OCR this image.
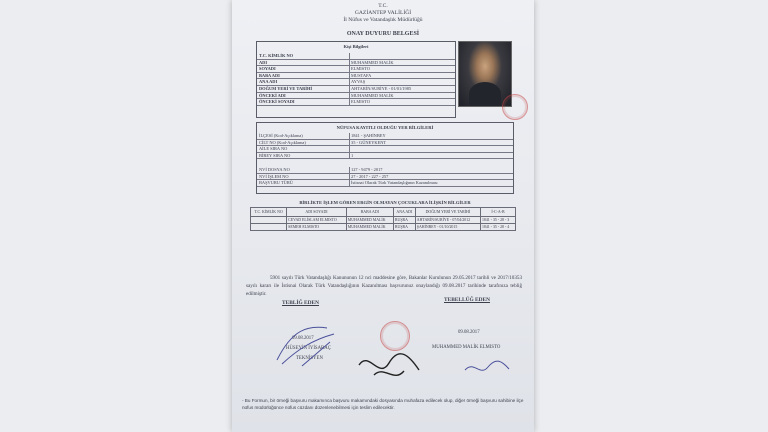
T.C.
GAZİANTEP VALİLİĞİ
İl Nüfus ve Vatandaşlık Müdürlüğü
ONAY DUYURU BELGESİ
Kişi Bilgileri
T.C. KİMLİK NO
ADI	MUHAMMED MALİK
SOYADI	ELMISTO
BABA ADI	MUSTAFA
ANA ADI	AYVAŞ
DOĞUM YERİ VE TARİHİ	AHTARİN/SURİYE - 01/01/1985
ÖNCEKİ ADI	MUHAMMED MALİK
ÖNCEKİ SOYADI	ELMISTO
NÜFUSA KAYITLI OLDUĞU YER BİLGİLERİ
İLÇESİ (Kod-Açıklama)	1841 - ŞAHİNBEY
CİLT NO (Kod-Açıklama)	35 - GÜNEYKENT
AİLE SIRA NO
BİREY SIRA NO	1
NVİ DOSYA NO	127 - 9479 - 2017
NVİ İŞLEM NO	27 - 2017 - 227 - 257
BAŞVURU TÜRÜ	İstisnai Olarak Türk Vatandaşlığının Kazanılması
BİRLİKTE İŞLEM GÖREN ERGİN OLMAYAN ÇOCUKLARA İLİŞKİN BİLGİLER
T.C. KİMLİK NO	ADI SOYADI	BABA ADI	ANA ADI	DOĞUM YERİ VE TARİHİ	İ-C-A-B
	CEVAD ELİSLAM ELMISTO	MUHAMMED MALİK	BUŞRA	AHTARİN/SURİYE - 07/04/2012	1841 - 35 - 28 - 3
	SEMEH ELMISTO	MUHAMMED MALİK	BUŞRA	ŞAHİNBEY - 01/10/2015	1841 - 35 - 28 - 4
5901 sayılı Türk Vatandaşlığı Kanununun 12 nci maddesine göre, Bakanlar Kurulunun 29.05.2017 tarihli ve 2017/10353 sayılı kararı ile İstisnai Olarak Türk Vatandaşlığının Kazanılması başvurunuz onaylandığı 09.08.2017 tarihinde tarafınıza tebliğ edilmiştir.
TEBLİĞ EDEN	TEBELLÜĞ EDEN
09.08.2017
HÜSEYİN İYİSARAÇ
TEKNİSYEN
09.08.2017
MUHAMMED MALİK ELMISTO
- Bu Formun, bir örneği başvuru makamınca başvuru makamındaki dosyasında muhafaza edilecek olup, diğer örneği başvuru sahibine ilçe nüfus müdürlüğünce nüfus cüzdanı düzenlenebilmesi için teslim edilecektir.
